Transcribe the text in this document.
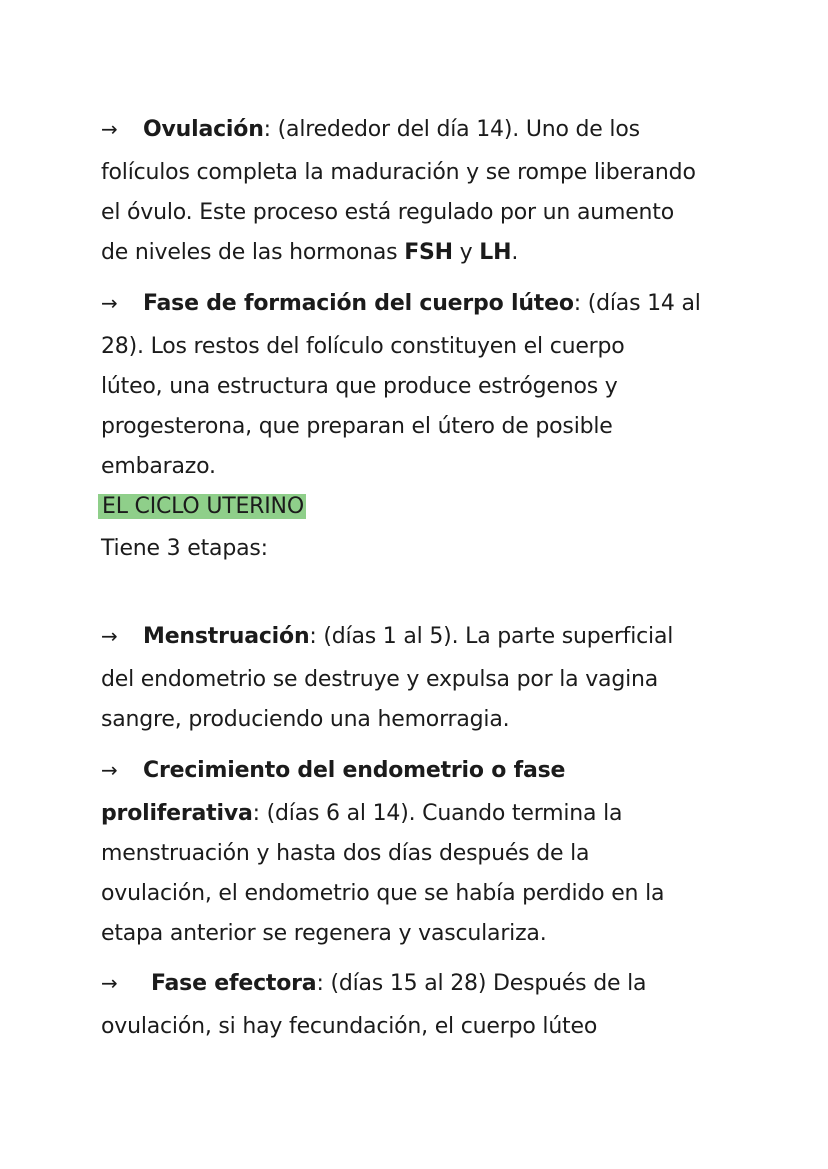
→ Ovulación: (alrededor del día 14). Uno de los
folículos completa la maduración y se rompe liberando
el óvulo. Este proceso está regulado por un aumento
de niveles de las hormonas FSH y LH.
→ Fase de formación del cuerpo lúteo: (días 14 al
28). Los restos del folículo constituyen el cuerpo
lúteo, una estructura que produce estrógenos y
progesterona, que preparan el útero de posible
embarazo.
EL CICLO UTERINO
Tiene 3 etapas:
→ Menstruación: (días 1 al 5). La parte superficial
del endometrio se destruye y expulsa por la vagina
sangre, produciendo una hemorragia.
→ Crecimiento del endometrio o fase
proliferativa: (días 6 al 14). Cuando termina la
menstruación y hasta dos días después de la
ovulación, el endometrio que se había perdido en la
etapa anterior se regenera y vasculariza.
→ Fase efectora: (días 15 al 28) Después de la
ovulación, si hay fecundación, el cuerpo lúteo
